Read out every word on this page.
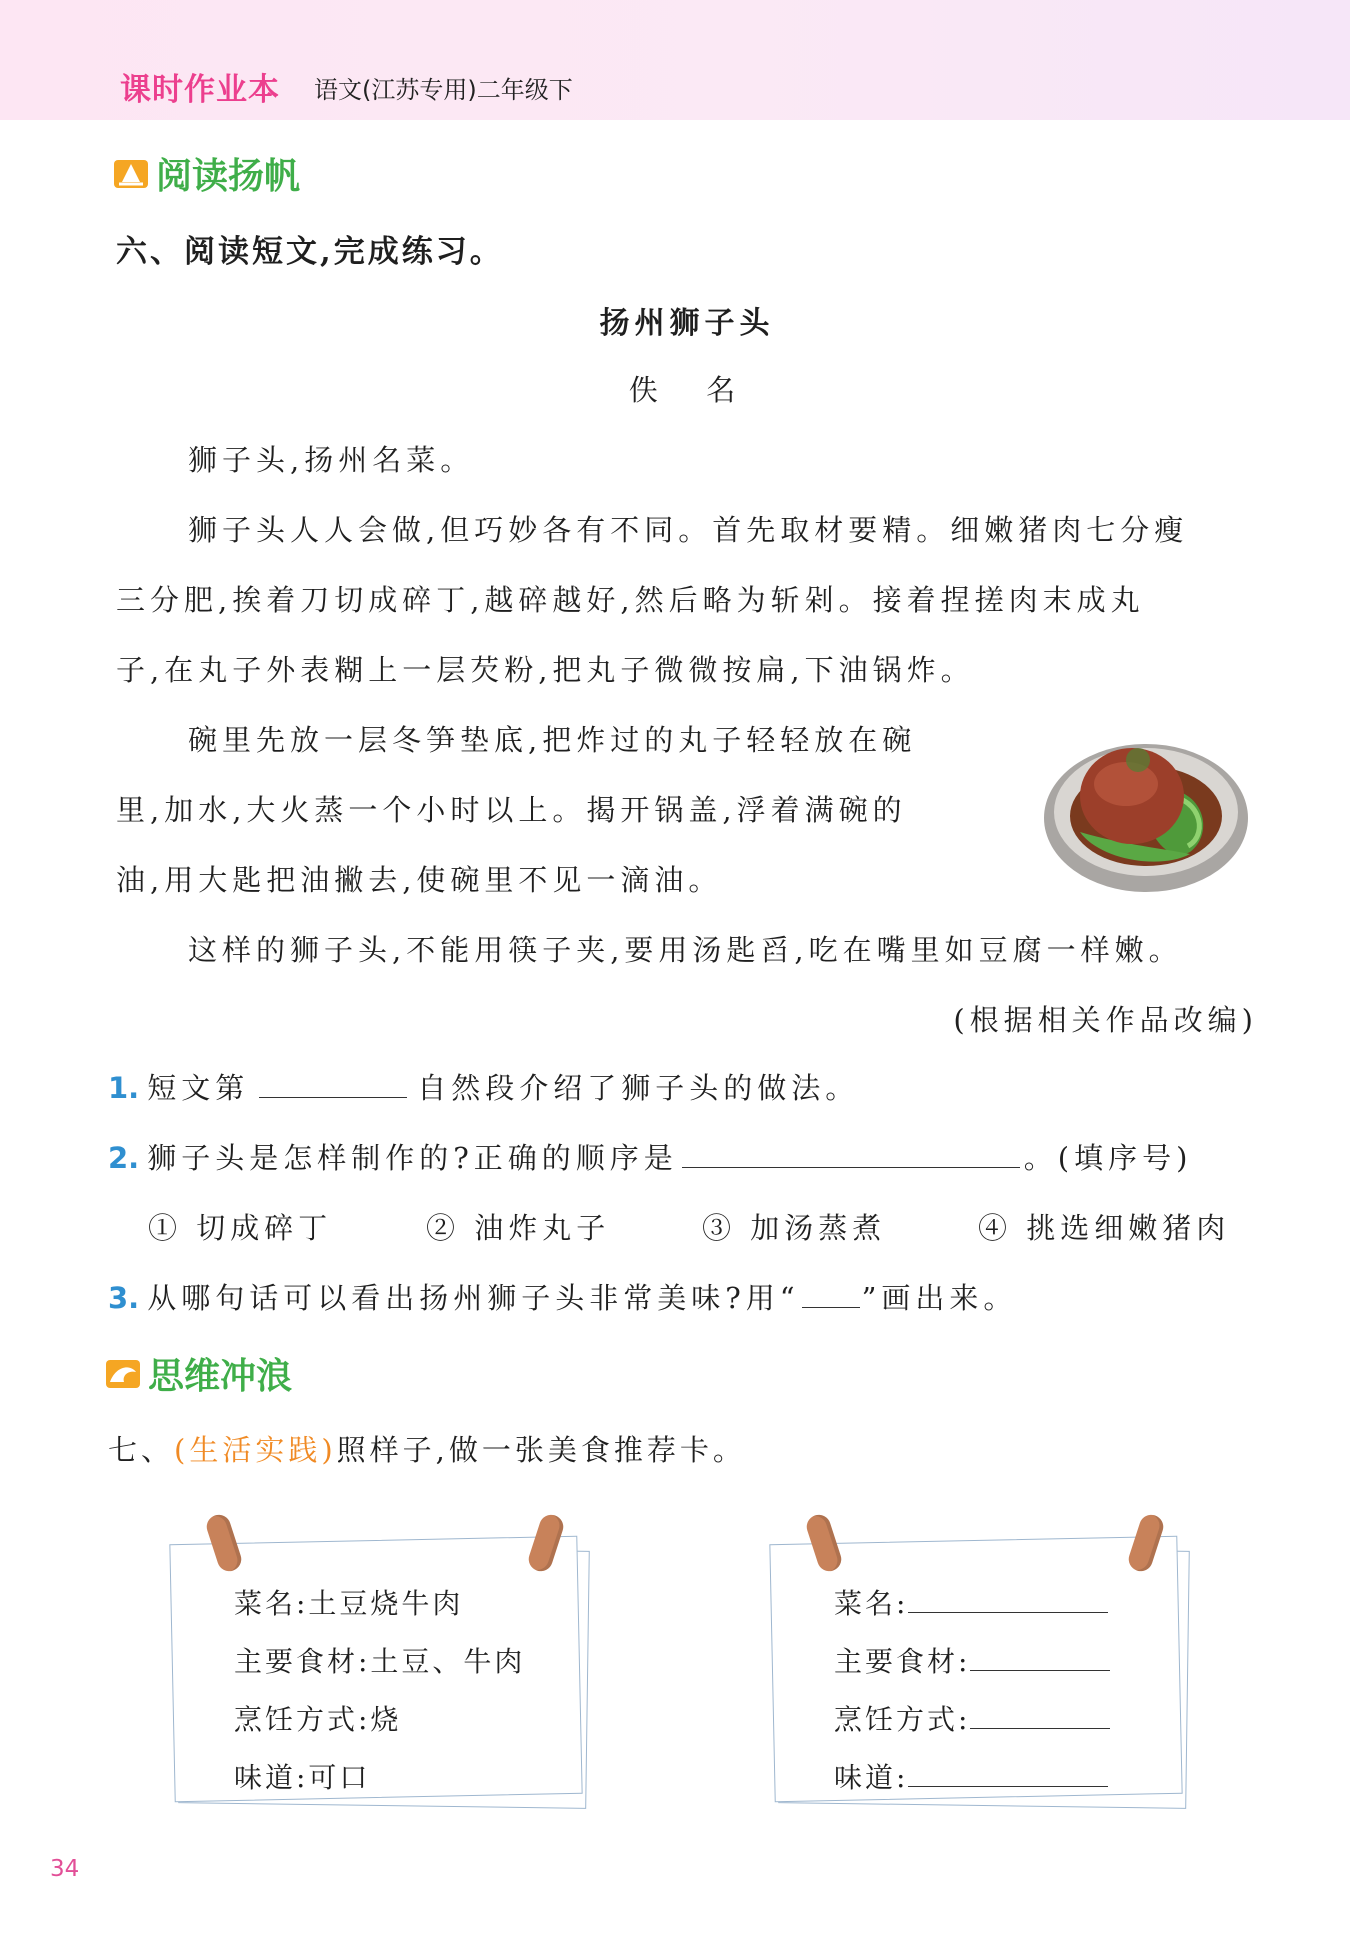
课时作业本 语文(江苏专用)二年级下
阅读扬帆
六、阅读短文,完成练习。
扬州狮子头
佚  名
狮子头,扬州名菜。
狮子头人人会做,但巧妙各有不同。首先取材要精。细嫩猪肉七分瘦
三分肥,挨着刀切成碎丁,越碎越好,然后略为斩剁。接着捏搓肉末成丸
子,在丸子外表糊上一层芡粉,把丸子微微按扁,下油锅炸。
碗里先放一层冬笋垫底,把炸过的丸子轻轻放在碗
里,加水,大火蒸一个小时以上。揭开锅盖,浮着满碗的
油,用大匙把油撇去,使碗里不见一滴油。
这样的狮子头,不能用筷子夹,要用汤匙舀,吃在嘴里如豆腐一样嫩。
(根据相关作品改编)
1. 短文第	自然段介绍了狮子头的做法。
2. 狮子头是怎样制作的?正确的顺序是	。(填序号)
① 切成碎丁	② 油炸丸子	③ 加汤蒸煮	④ 挑选细嫩猪肉
3. 从哪句话可以看出扬州狮子头非常美味?用“ ”画出来。
思维冲浪
七、(生活实践)照样子,做一张美食推荐卡。
菜名:土豆烧牛肉
主要食材:土豆、牛肉
烹饪方式:烧
味道:可口
菜名:
主要食材:
烹饪方式:
味道:
34
